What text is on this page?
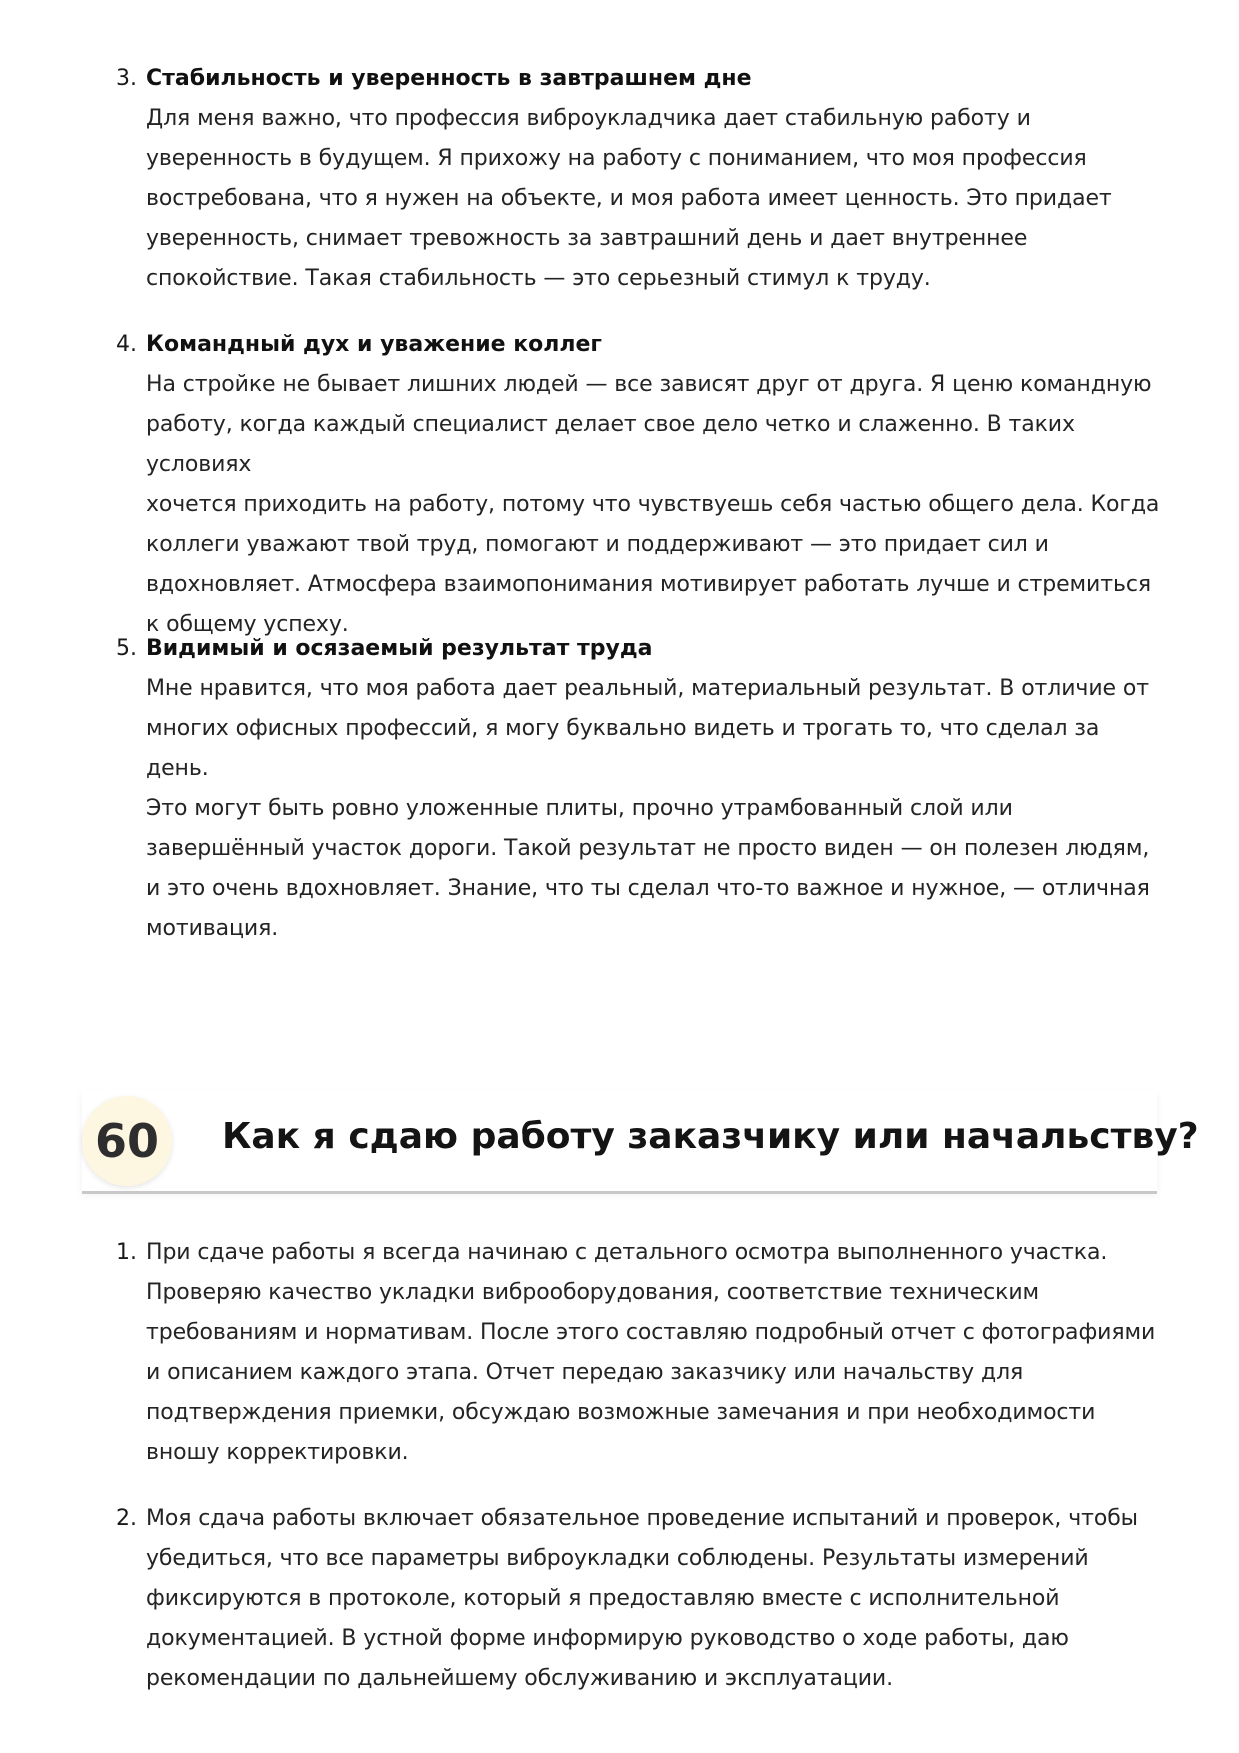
3. Стабильность и уверенность в завтрашнем дне
Для меня важно, что профессия виброукладчика дает стабильную работу и
уверенность в будущем. Я прихожу на работу с пониманием, что моя профессия
востребована, что я нужен на объекте, и моя работа имеет ценность. Это придает
уверенность, снимает тревожность за завтрашний день и дает внутреннее
спокойствие. Такая стабильность — это серьезный стимул к труду.
4. Командный дух и уважение коллег
На стройке не бывает лишних людей — все зависят друг от друга. Я ценю командную
работу, когда каждый специалист делает свое дело четко и слаженно. В таких условиях
хочется приходить на работу, потому что чувствуешь себя частью общего дела. Когда
коллеги уважают твой труд, помогают и поддерживают — это придает сил и
вдохновляет. Атмосфера взаимопонимания мотивирует работать лучше и стремиться
к общему успеху.
5. Видимый и осязаемый результат труда
Мне нравится, что моя работа дает реальный, материальный результат. В отличие от
многих офисных профессий, я могу буквально видеть и трогать то, что сделал за день.
Это могут быть ровно уложенные плиты, прочно утрамбованный слой или
завершённый участок дороги. Такой результат не просто виден — он полезен людям,
и это очень вдохновляет. Знание, что ты сделал что-то важное и нужное, — отличная
мотивация.
60	Как я сдаю работу заказчику или начальству?
1. При сдаче работы я всегда начинаю с детального осмотра выполненного участка.
Проверяю качество укладки виброоборудования, соответствие техническим
требованиям и нормативам. После этого составляю подробный отчет с фотографиями
и описанием каждого этапа. Отчет передаю заказчику или начальству для
подтверждения приемки, обсуждаю возможные замечания и при необходимости
вношу корректировки.
2. Моя сдача работы включает обязательное проведение испытаний и проверок, чтобы
убедиться, что все параметры виброукладки соблюдены. Результаты измерений
фиксируются в протоколе, который я предоставляю вместе с исполнительной
документацией. В устной форме информирую руководство о ходе работы, даю
рекомендации по дальнейшему обслуживанию и эксплуатации.
